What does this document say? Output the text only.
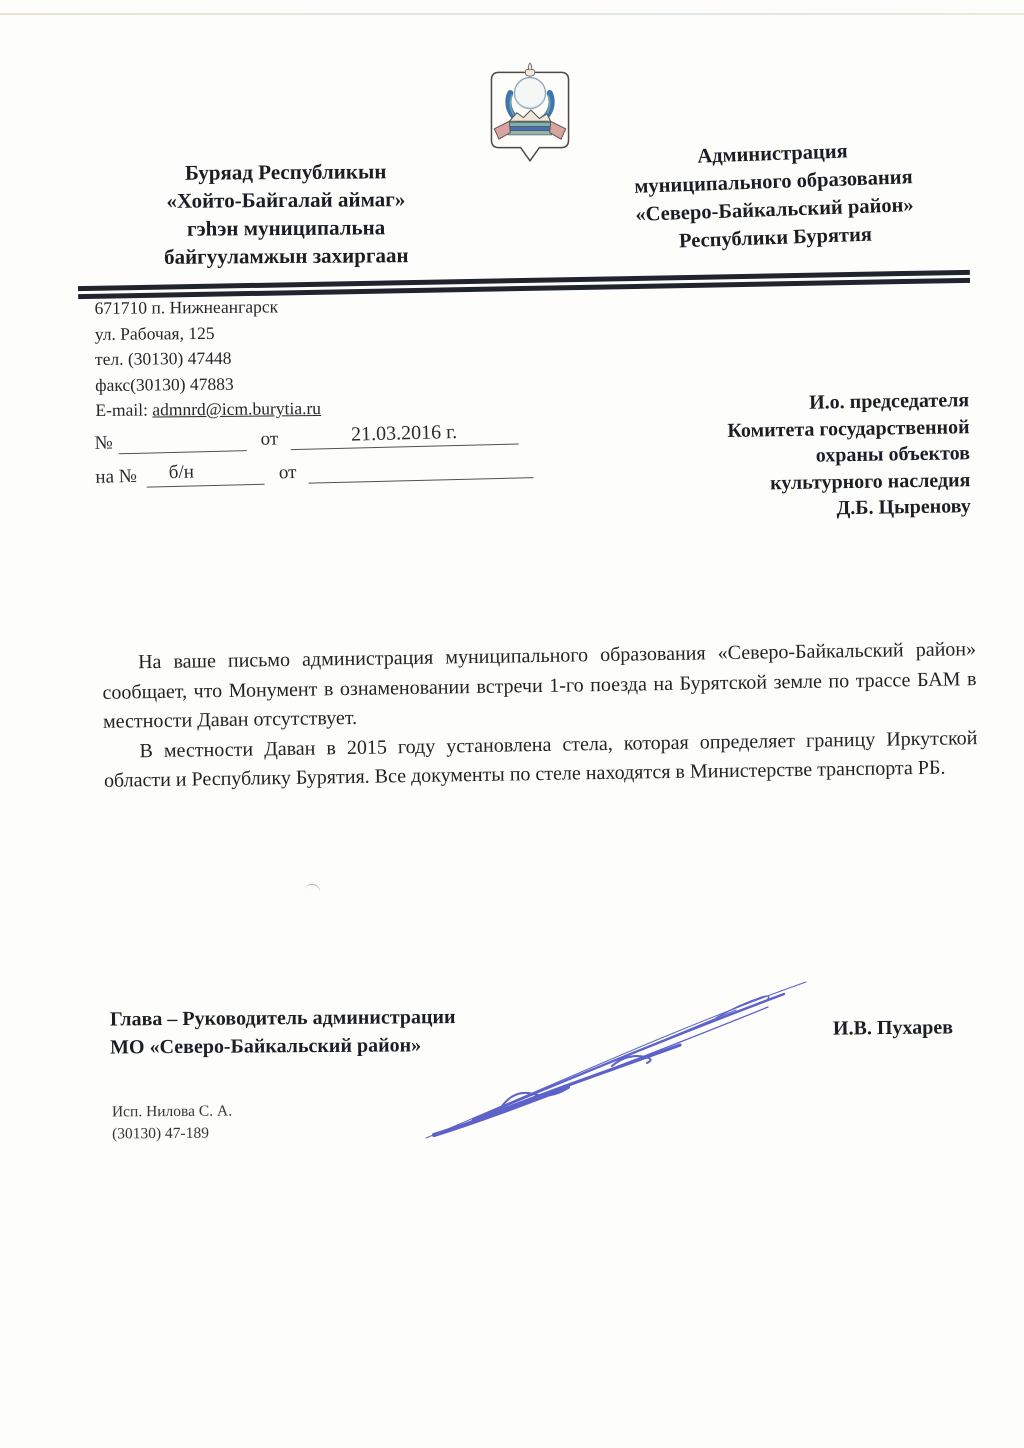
Буряад Республикын
«Хойто-Байгалай аймаг»
гэһэн муниципальна
байгууламжын захиргаан
Администрация
муниципального образования
«Северо-Байкальский район»
Республики Бурятия
671710 п. Нижнеангарск
ул. Рабочая, 125
тел. (30130) 47448
факс(30130) 47883
E-mail: admnrd@icm.burytia.ru
№	от	21.03.2016 г.
на № б/н	от
И.о. председателя
Комитета государственной
охраны объектов
культурного наследия
Д.Б. Цыренову

На ваше письмо администрация муниципального образования «Северо-Байкальский район» сообщает, что Монумент в ознаменовании встречи 1-го поезда на Бурятской земле по трассе БАМ в местности Даван отсутствует.

В местности Даван в 2015 году установлена стела, которая определяет границу Иркутской области и Республику Бурятия. Все документы по стеле находятся в Министерстве транспорта РБ.

Глава – Руководитель администрации
МО «Северо-Байкальский район»
И.В. Пухарев
Исп. Нилова С. А.
(30130) 47-189
